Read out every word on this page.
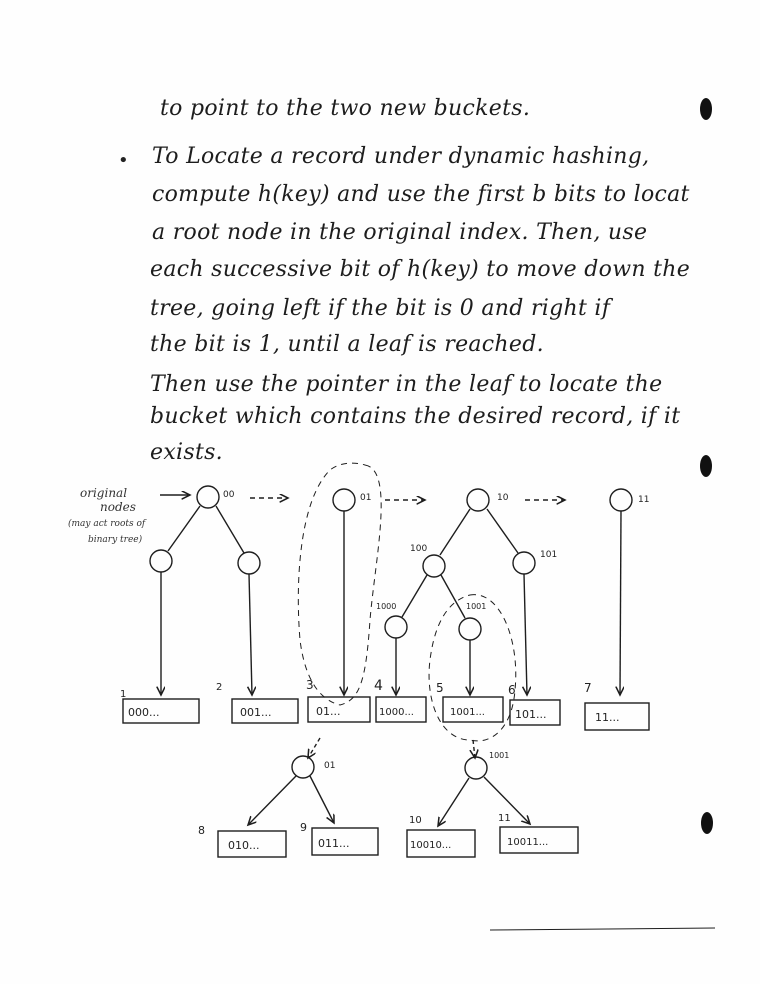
to point to the two new buckets.
• To Locate a record under dynamic hashing,
compute h(key) and use the first b bits to locat
a root node in the original index. Then, use
each successive bit of h(key) to move down the
tree, going left if the bit is 0 and right if
the bit is 1, until a leaf is reached.
Then use the pointer in the leaf to locate the
bucket which contains the desired record, if it
exists.
original
nodes
(may act roots of
binary tree)
00	01	10	11
100
101
1000	1001
1
2	3	4	5	6	7
000...	001...	01...	1000...	1001...	101...	11...
01
1001
8	9
10	11
010...	011...	10010...	10011...
